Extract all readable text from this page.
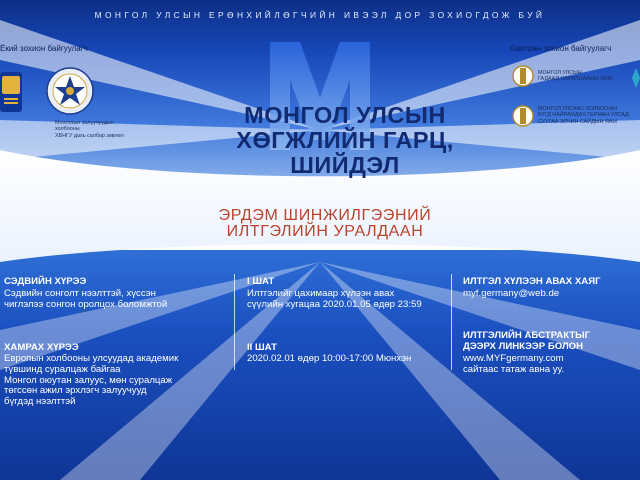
M
МОНГОЛ УЛСЫН ЕРӨНХИЙЛӨГЧИЙН ИВЭЭЛ ДОР ЗОХИОГДОЖ БУЙ
Ёкий зохион байгуулагч	Хамтран зохион байгуулагч
Монголын залуучуудын холбооны
ХБНГУ дахь салбар зөвлөл
МОНГОЛ УЛСЫН
ГАДААД ХАРИЛЦААНЫ ЯАМ
МОНГОЛ УЛСААС ХОЛБООНЫ
БҮГД НАЙРАМДАХ ГЕРМАН УЛСАД
СУУГАА ЭЛЧИН САЙДЫН ЯАМ
МОНГОЛ УЛСЫН
ХӨГЖЛИЙН ГАРЦ, ШИЙДЭЛ
ЭРДЭМ ШИНЖИЛГЭЭНИЙ
ИЛТГЭЛИЙН УРАЛДААН
СЭДВИЙН ХҮРЭЭ
Сэдвийн сонголт нээлттэй, хүссэн
чиглэлээ сонгон оролцох боломжтой
ХАМРАХ ХҮРЭЭ
Европын холбооны улсуудад академик
түвшинд суралцаж байгаа
Монгол оюутан залуус, мөн суралцаж
төгссөн ажил эрхлэгч залуучууд
бүгдэд нээлттэй
I ШАТ
Илтгэлийг цахимаар хүлээн авах
сүүлийн хугацаа 2020.01.05 өдөр 23:59
II ШАТ
2020.02.01 өдөр 10:00-17:00 Мюнхэн
ИЛТГЭЛ ХҮЛЭЭН АВАХ ХАЯГ
myf.germany@web.de
ИЛТГЭЛИЙН АБСТРАКТЫГ
ДЭЭРХ ЛИНКЭЭР БОЛОН
www.MYFgermany.com
сайтаас татаж авна уу.
